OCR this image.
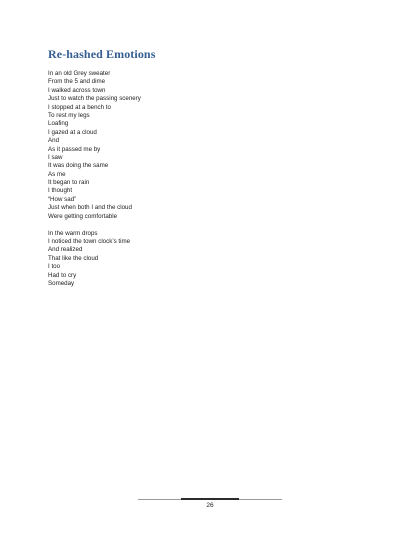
Re-hashed Emotions
In an old Grey sweater
From the 5 and dime
I walked across town
Just to watch the passing scenery
I stopped at a bench to
To rest my legs
Loafing
I gazed at a cloud
And
As it passed me by
I saw
It was doing the same
As me
It began to rain
I thought
“How sad”
Just when both I and the cloud
Were getting comfortable
In the warm drops
I noticed the town clock’s time
And realized
That like the cloud
I too
Had to cry
Someday
26
